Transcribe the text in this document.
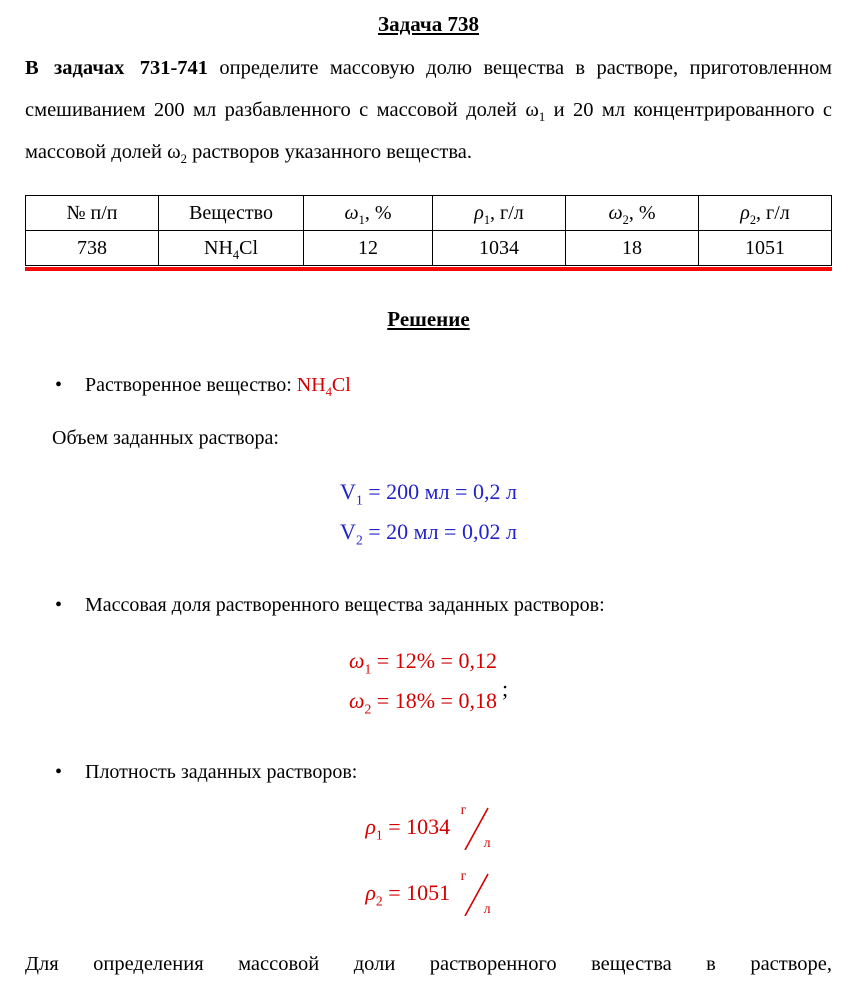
Задача 738

В задачах 731-741 определите массовую долю вещества в растворе, приготовленном смешиванием 200 мл разбавленного с массовой долей $\omega_1$ и 20 мл концентрированного с массовой долей $\omega_2$ растворов указанного вещества.

№ п/п	Вещество	$\omega_1$, %	$\rho_1$, г/л	$\omega_2$, %	$\rho_2$, г/л
738	$NH_4Cl$	12	1034	18	1051
Решение
•	Растворенное вещество: $NH_4Cl$

Объем заданных раствора:

$V_1 = 200$ мл = 0,2 л
$V_2 = 20$ мл = 0,02 л
•	Массовая доля растворенного вещества заданных растворов:
$\omega_1 = 12\% = 0,12$
$\omega_2 = 18\% = 0,18$ ;
•	Плотность заданных растворов:
$\rho_1 = 1034$
г
л
$\rho_2 = 1051$
г
л

Для определения массовой доли растворенного вещества в растворе,
